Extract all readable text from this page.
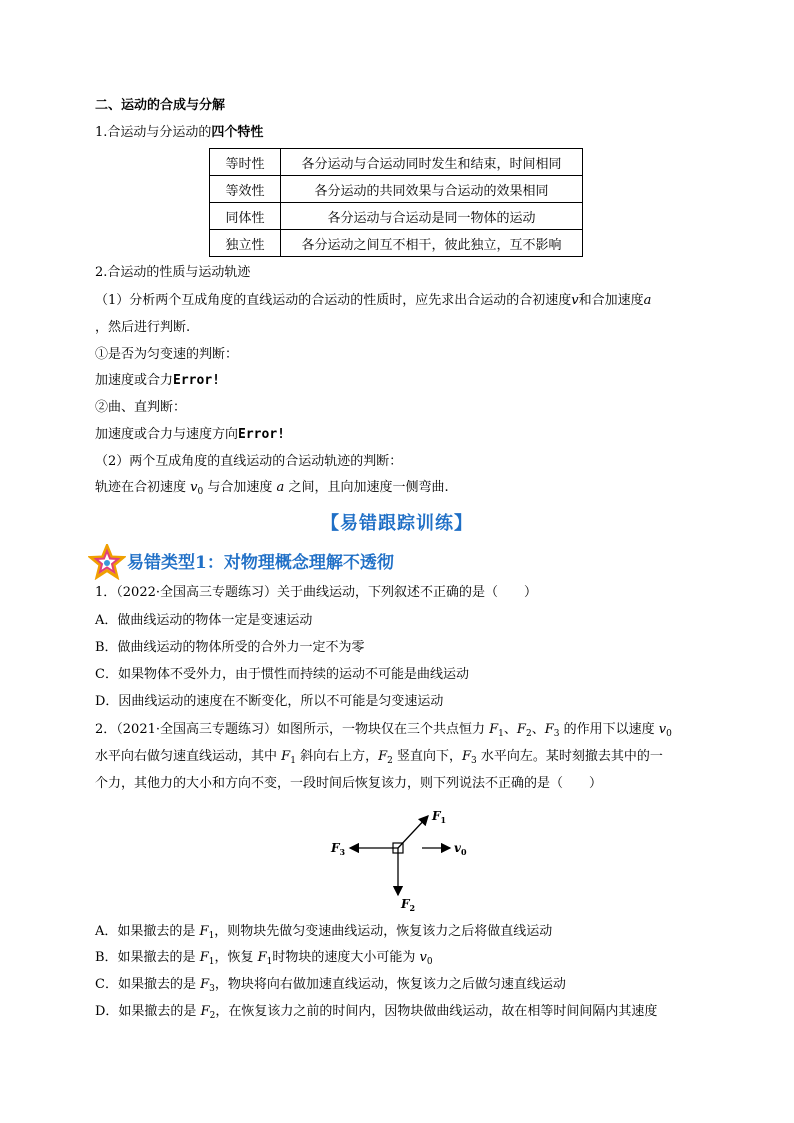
二、运动的合成与分解
1.合运动与分运动的四个特性
等时性	各分运动与合运动同时发生和结束，时间相同
等效性	各分运动的共同效果与合运动的效果相同
同体性	各分运动与合运动是同一物体的运动
独立性	各分运动之间互不相干，彼此独立，互不影响
2.合运动的性质与运动轨迹
（1）分析两个互成角度的直线运动的合运动的性质时，应先求出合运动的合初速度v和合加速度a
，然后进行判断.
①是否为匀变速的判断：
加速度或合力Error!
②曲、直判断：
加速度或合力与速度方向Error!
（2）两个互成角度的直线运动的合运动轨迹的判断：
轨迹在合初速度 $v_0$ 与合加速度 a 之间，且向加速度一侧弯曲.
【易错跟踪训练】
易错类型1：对物理概念理解不透彻
1．（2022·全国高三专题练习）关于曲线运动，下列叙述不正确的是（　　）
A．做曲线运动的物体一定是变速运动
B．做曲线运动的物体所受的合外力一定不为零
C．如果物体不受外力，由于惯性而持续的运动不可能是曲线运动
D．因曲线运动的速度在不断变化，所以不可能是匀变速运动
2．（2021·全国高三专题练习）如图所示，一物块仅在三个共点恒力 $F_1$、$F_2$、$F_3$ 的作用下以速度 $v_0$
水平向右做匀速直线运动，其中 $F_1$ 斜向右上方，$F_2$ 竖直向下，$F_3$ 水平向左。某时刻撤去其中的一
个力，其他力的大小和方向不变，一段时间后恢复该力，则下列说法不正确的是（　　）
$F_1$
$F_2$
$F_3$	$v_0$
A．如果撤去的是 $F_1$，则物块先做匀变速曲线运动，恢复该力之后将做直线运动
B．如果撤去的是 $F_1$，恢复 $F_1$时物块的速度大小可能为 $v_0$
C．如果撤去的是 $F_3$，物块将向右做加速直线运动，恢复该力之后做匀速直线运动
D．如果撤去的是 $F_2$，在恢复该力之前的时间内，因物块做曲线运动，故在相等时间间隔内其速度
